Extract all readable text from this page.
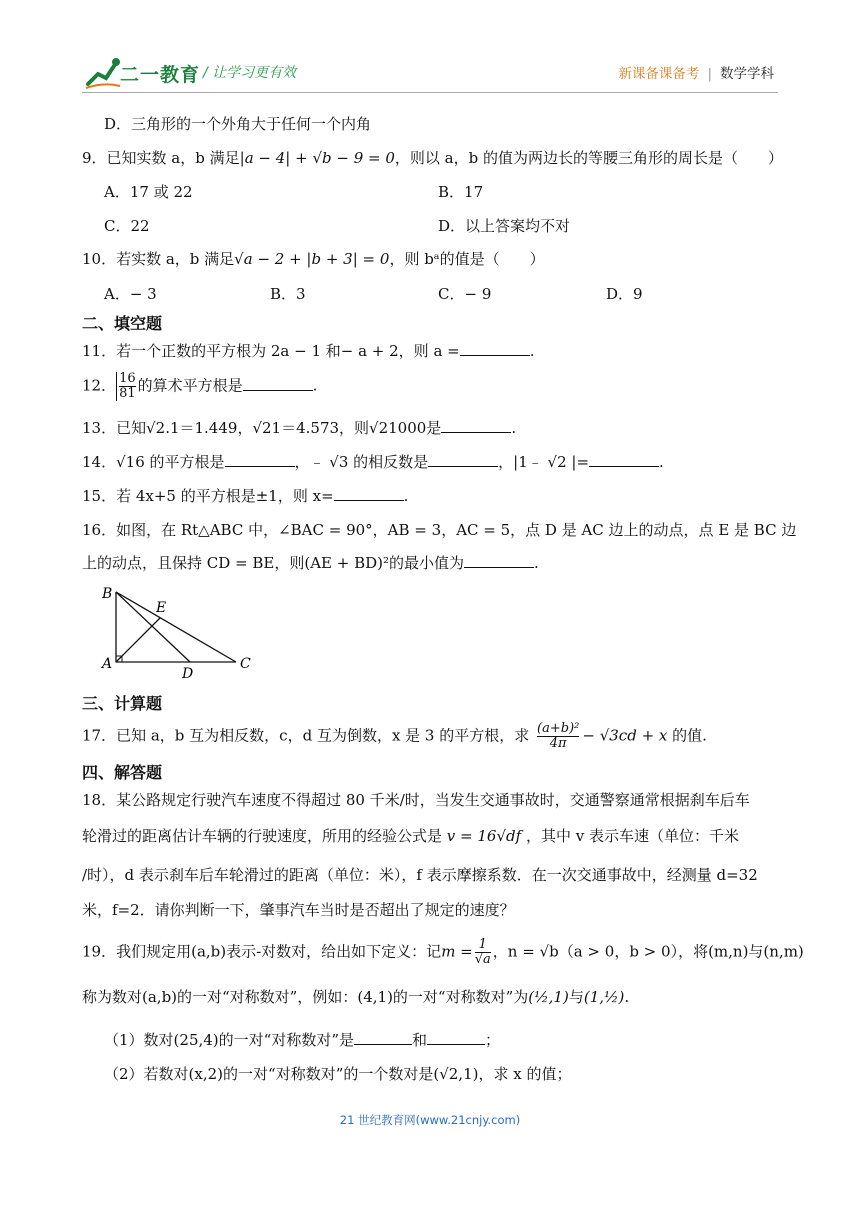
二一教育 / 让学习更有效	新课备课备考 | 数学学科
D．三角形的一个外角大于任何一个内角
9．已知实数 a，b 满足|a − 4| + √b − 9 = 0，则以 a，b 的值为两边长的等腰三角形的周长是（　　）
A．17 或 22	B．17
C．22	D．以上答案均不对
10．若实数 a，b 满足√a − 2 + |b + 3| = 0，则 bᵃ的值是（　　）
A．− 3	B．3	C．− 9	D．9
二、填空题
11．若一个正数的平方根为 2a − 1 和− a + 2，则 a =	.
12． $\frac{16}{81}$ 的算术平方根是	.
13．已知√2.1＝1.449，√21＝4.573，则√21000是	.
14．√16 的平方根是	，﹣ √3 的相反数是	，|1﹣ √2 |=	.
15．若 4x+5 的平方根是±1，则 x=	.
16．如图，在 Rt△ABC 中，∠BAC = 90°，AB = 3，AC = 5，点 D 是 AC 边上的动点，点 E 是 BC 边
上的动点，且保持 CD = BE，则(AE + BD)²的最小值为	.
B
E
A
D
C
三、计算题
17．已知 a，b 互为相反数，c，d 互为倒数，x 是 3 的平方根，求 $\frac{\text{(a+b)²}}{4\pi} - √3cd + x$ 的值.
四、解答题
18．某公路规定行驶汽车速度不得超过 80 千米/时，当发生交通事故时，交通警察通常根据刹车后车
轮滑过的距离估计车辆的行驶速度，所用的经验公式是 v = 16√df ，其中 v 表示车速（单位：千米
/时），d 表示刹车后车轮滑过的距离（单位：米），f 表示摩擦系数．在一次交通事故中，经测量 d=32
米，f=2．请你判断一下，肇事汽车当时是否超出了规定的速度？
19．我们规定用(a,b)表示-对数对，给出如下定义：记$m = \frac{1}{√a}$ ，n = √b（a > 0，b > 0），将(m,n)与(n,m)
称为数对(a,b)的一对“对称数对”，例如：(4,1)的一对“对称数对”为(½,1)与(1,½).
（1）数对(25,4)的一对“对称数对”是	和	；
（2）若数对(x,2)的一对“对称数对”的一个数对是(√2,1)，求 x 的值；
21 世纪教育网(www.21cnjy.com)
